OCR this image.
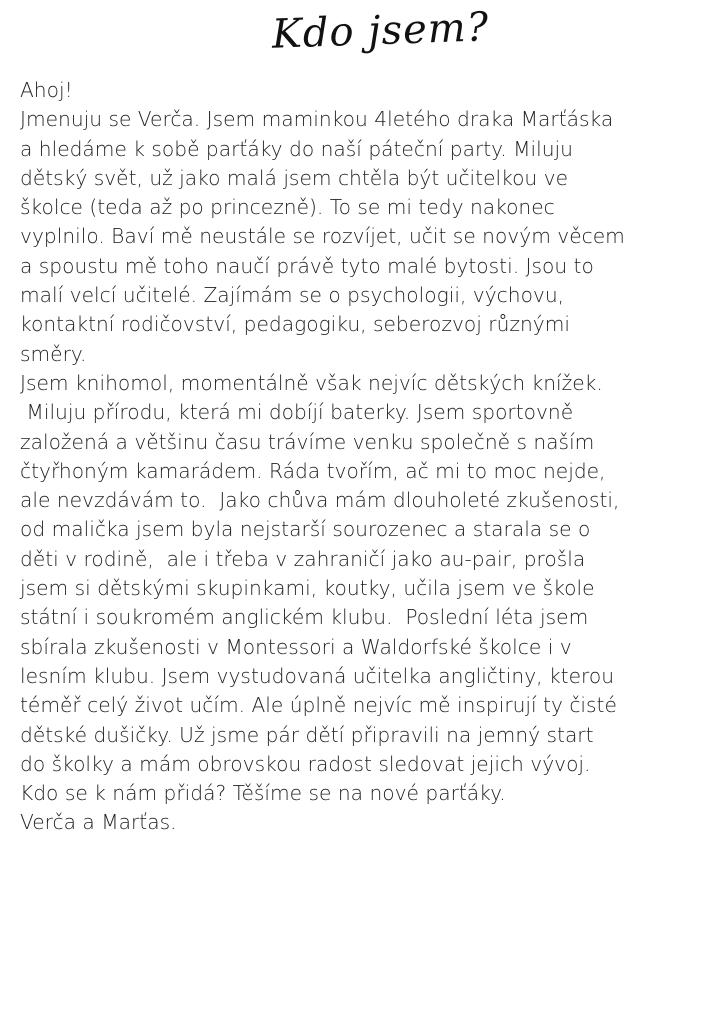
Kdo jsem?
Ahoj!
Jmenuju se Verča. Jsem maminkou 4letého draka Marťáska
a hledáme k sobě parťáky do naší páteční party. Miluju
dětský svět, už jako malá jsem chtěla být učitelkou ve
školce (teda až po princezně). To se mi tedy nakonec
vyplnilo. Baví mě neustále se rozvíjet, učit se novým věcem
a spoustu mě toho naučí právě tyto malé bytosti. Jsou to
malí velcí učitelé. Zajímám se o psychologii, výchovu,
kontaktní rodičovství, pedagogiku, seberozvoj různými
směry.
Jsem knihomol, momentálně však nejvíc dětských knížek.
Miluju přírodu, která mi dobíjí baterky. Jsem sportovně
založená a většinu času trávíme venku společně s naším
čtyřhoným kamarádem. Ráda tvořím, ač mi to moc nejde,
ale nevzdávám to.  Jako chůva mám dlouholeté zkušenosti,
od malička jsem byla nejstarší sourozenec a starala se o
děti v rodině,  ale i třeba v zahraničí jako au-pair, prošla
jsem si dětskými skupinkami, koutky, učila jsem ve škole
státní i soukromém anglickém klubu.  Poslední léta jsem
sbírala zkušenosti v Montessori a Waldorfské školce i v
lesním klubu. Jsem vystudovaná učitelka angličtiny, kterou
téměř celý život učím. Ale úplně nejvíc mě inspirují ty čisté
dětské dušičky. Už jsme pár dětí připravili na jemný start
do školky a mám obrovskou radost sledovat jejich vývoj.
Kdo se k nám přidá? Těšíme se na nové parťáky.
Verča a Marťas.
